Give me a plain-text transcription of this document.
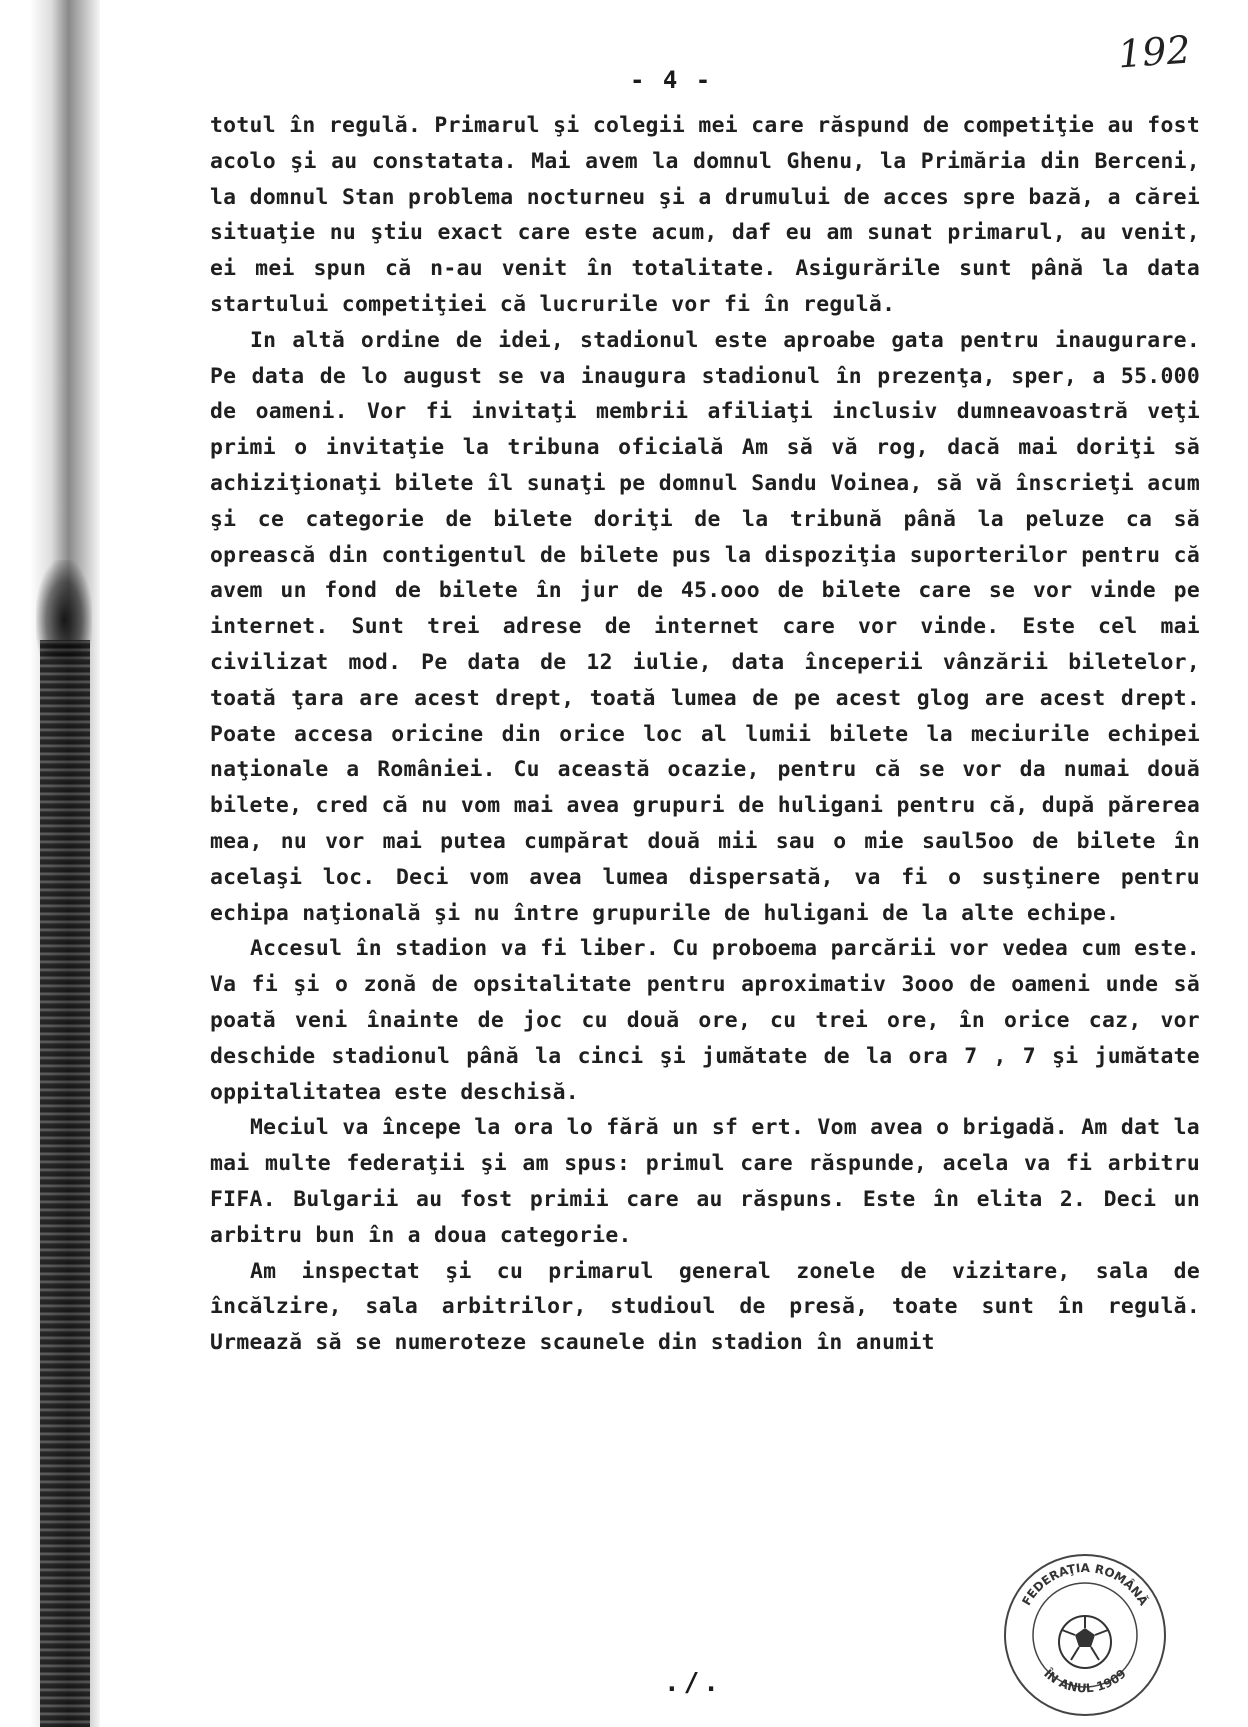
192
- 4 -

totul în regulă. Primarul şi colegii mei care răspund de competiţie au fost acolo şi au constatata. Mai avem la domnul Ghenu, la Primăria din Berceni, la domnul Stan problema nocturneu şi a drumului de acces spre bază, a cărei situaţie nu ştiu exact care este acum, daf eu am sunat primarul, au venit, ei mei spun că n-au venit în totalitate. Asigurările sunt până la data startului competiţiei că lucrurile vor fi în regulă.

In altă ordine de idei, stadionul este aproabe gata pentru inaugurare. Pe data de lo august se va inaugura stadionul în prezenţa, sper, a 55.000 de oameni. Vor fi invitaţi membrii afiliaţi inclusiv dumneavoastră veţi primi o invitaţie la tribuna oficială Am să vă rog, dacă mai doriţi să achiziţionaţi bilete îl sunaţi pe domnul Sandu Voinea, să vă înscrieţi acum şi ce categorie de bilete doriţi de la tribună până la peluze ca să oprească din contigentul de bilete pus la dispoziţia suporterilor pentru că avem un fond de bilete în jur de 45.ooo de bilete care se vor vinde pe internet. Sunt trei adrese de internet care vor vinde. Este cel mai civilizat mod. Pe data de 12 iulie, data începerii vânzării biletelor, toată ţara are acest drept, toată lumea de pe acest glog are acest drept. Poate accesa oricine din orice loc al lumii bilete la meciurile echipei naţionale a României. Cu această ocazie, pentru că se vor da numai două bilete, cred că nu vom mai avea grupuri de huligani pentru că, după părerea mea, nu vor mai putea cumpărat două mii sau o mie saul5oo de bilete în acelaşi loc. Deci vom avea lumea dispersată, va fi o susţinere pentru echipa naţională şi nu între grupurile de huligani de la alte echipe.

Accesul în stadion va fi liber. Cu proboema parcării vor vedea cum este. Va fi şi o zonă de opsitalitate pentru aproximativ 3ooo de oameni unde să poată veni înainte de joc cu două ore, cu trei ore, în orice caz, vor deschide stadionul până la cinci şi jumătate de la ora 7 , 7 şi jumătate oppitalitatea este deschisă.

Meciul va începe la ora lo fără un sf ert. Vom avea o brigadă. Am dat la mai multe federaţii şi am spus: primul care răspunde, acela va fi arbitru FIFA. Bulgarii au fost primii care au răspuns. Este în elita 2. Deci un arbitru bun în a doua categorie.

Am inspectat şi cu primarul general zonele de vizitare, sala de încălzire, sala arbitrilor, studioul de presă, toate sunt în regulă. Urmează să se numeroteze scaunele din stadion în anumit

./.
FEDERAŢIA ROMÂNĂ
ÎN ANUL 1909
